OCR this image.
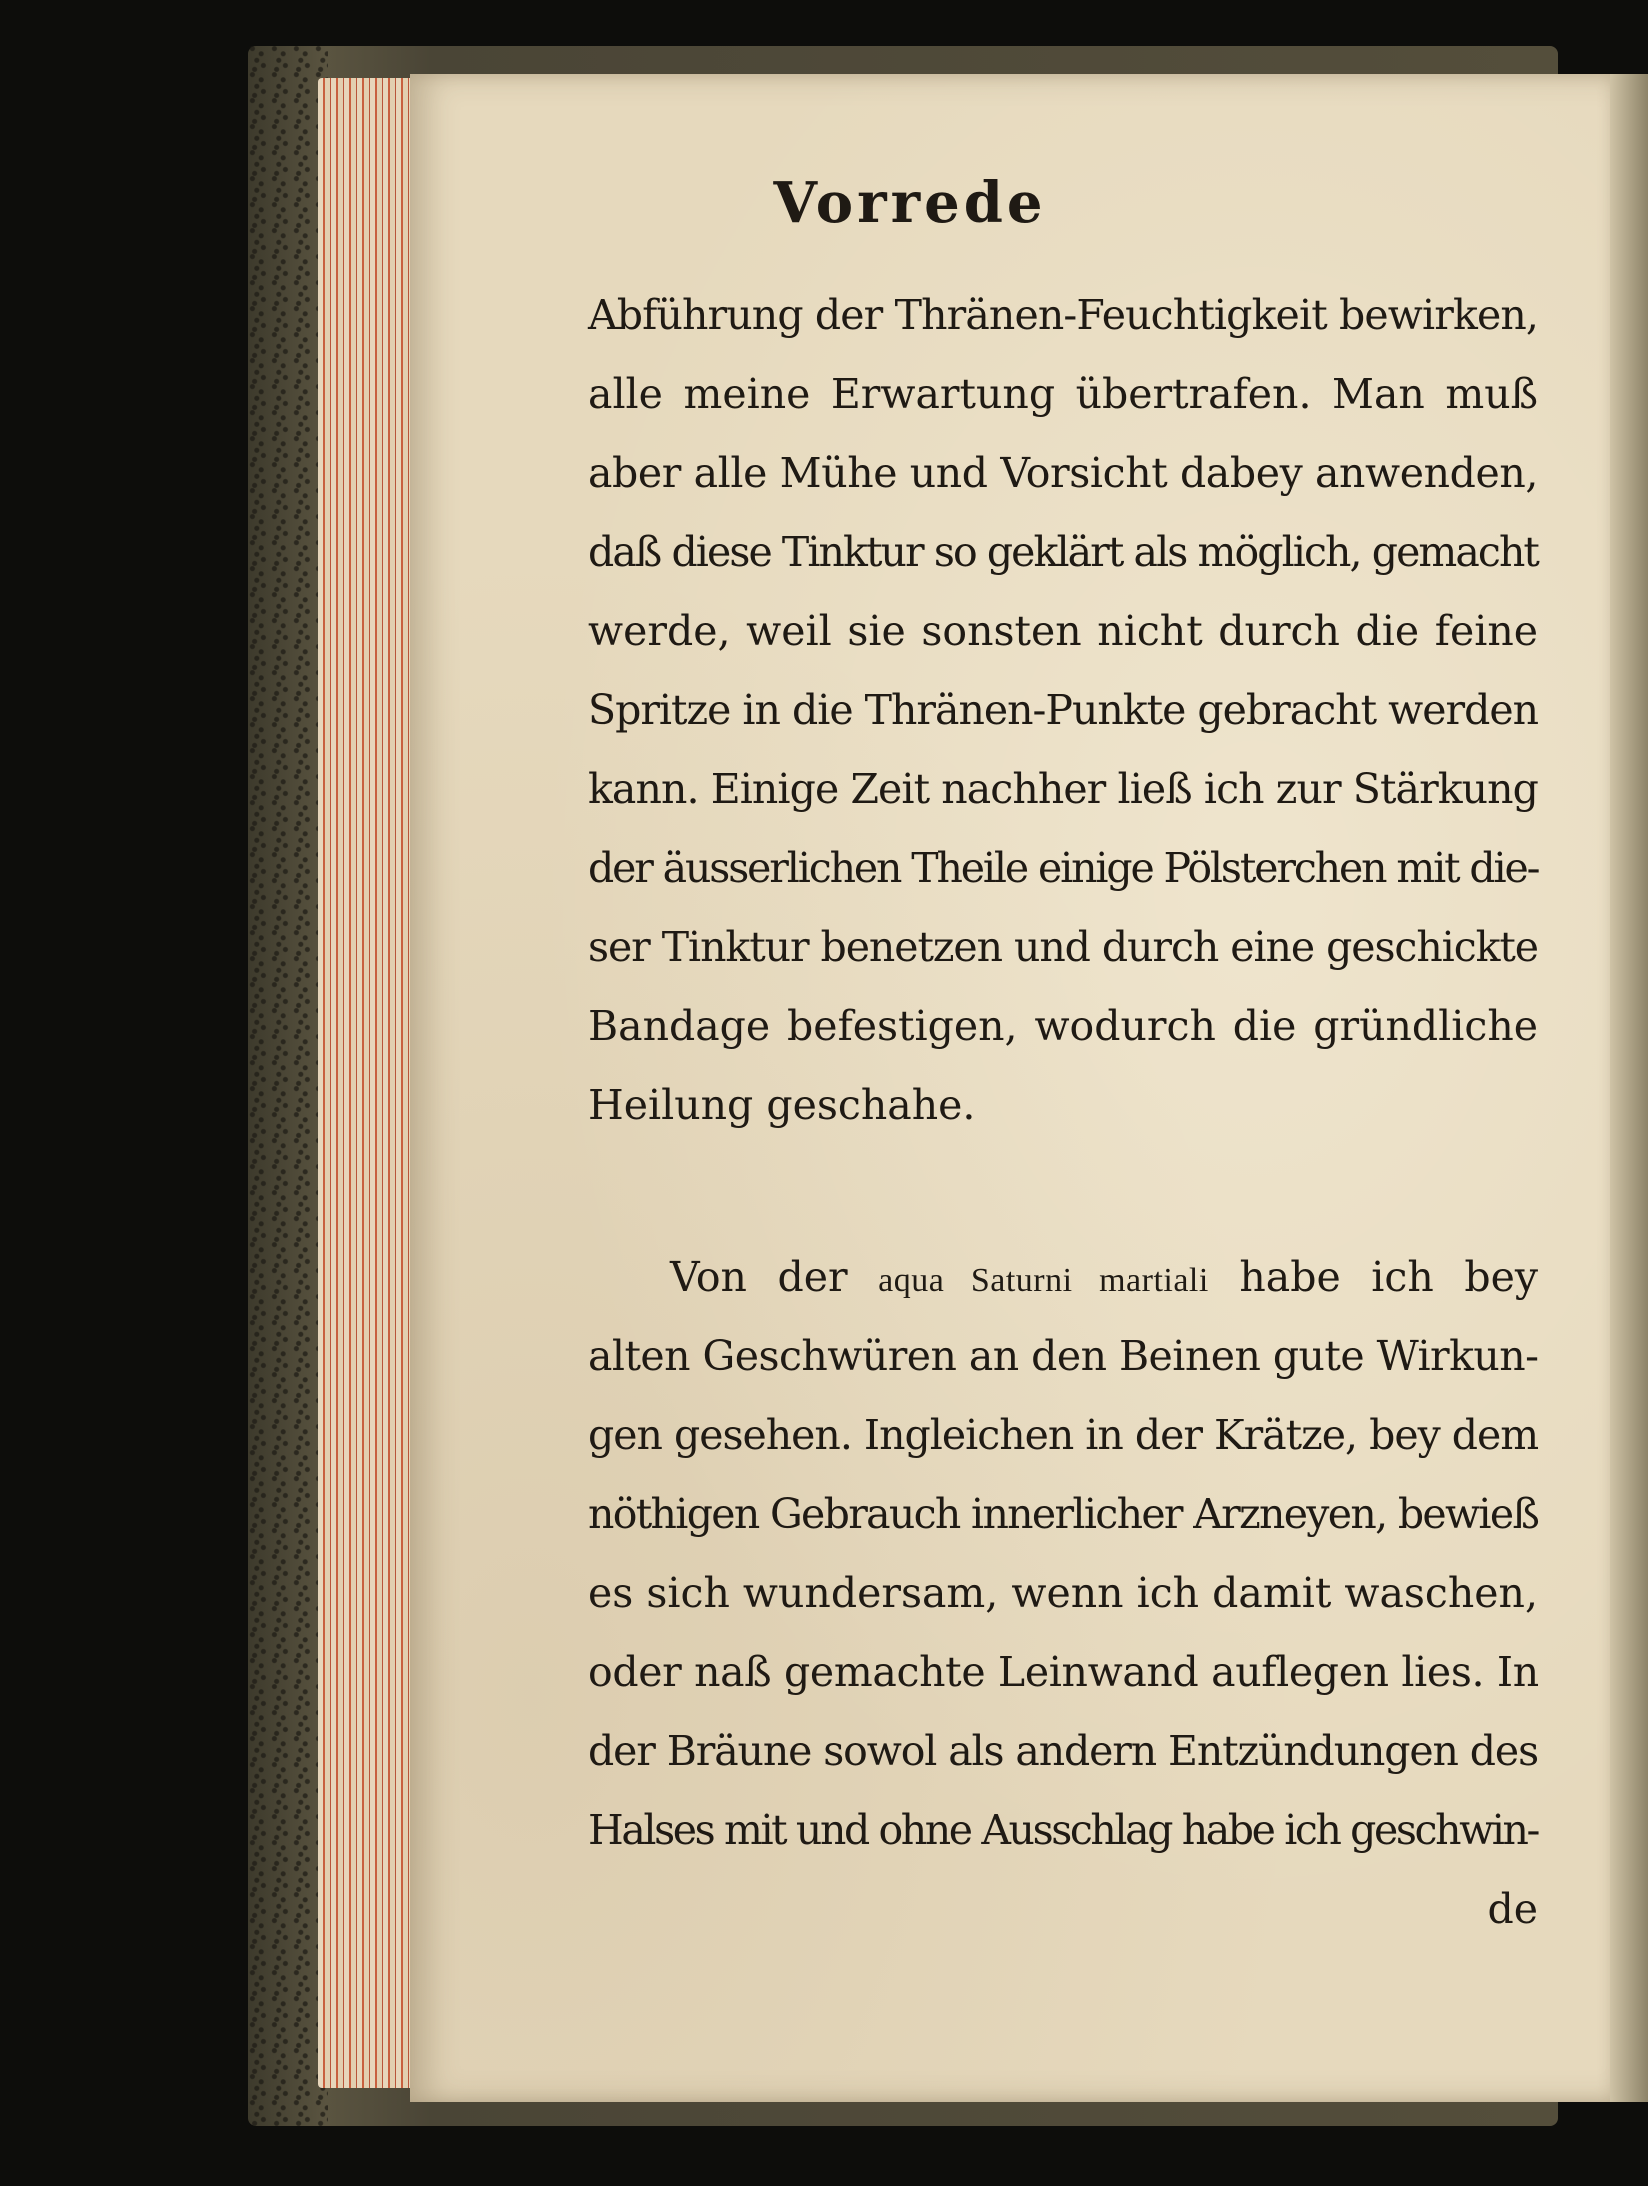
Vorrede
Abführung der Thränen-Feuchtigkeit bewirken,
alle meine Erwartung übertrafen. Man muß
aber alle Mühe und Vorsicht dabey anwenden,
daß diese Tinktur so geklärt als möglich, gemacht
werde, weil sie sonsten nicht durch die feine
Spritze in die Thränen-Punkte gebracht werden
kann. Einige Zeit nachher ließ ich zur Stärkung
der äusserlichen Theile einige Pölsterchen mit die-
ser Tinktur benetzen und durch eine geschickte
Bandage befestigen, wodurch die gründliche
Heilung geschahe.
Von der aqua Saturni martiali habe ich bey
alten Geschwüren an den Beinen gute Wirkun-
gen gesehen. Ingleichen in der Krätze, bey dem
nöthigen Gebrauch innerlicher Arzneyen, bewieß
es sich wundersam, wenn ich damit waschen,
oder naß gemachte Leinwand auflegen lies. In
der Bräune sowol als andern Entzündungen des
Halses mit und ohne Ausschlag habe ich geschwin-
de
